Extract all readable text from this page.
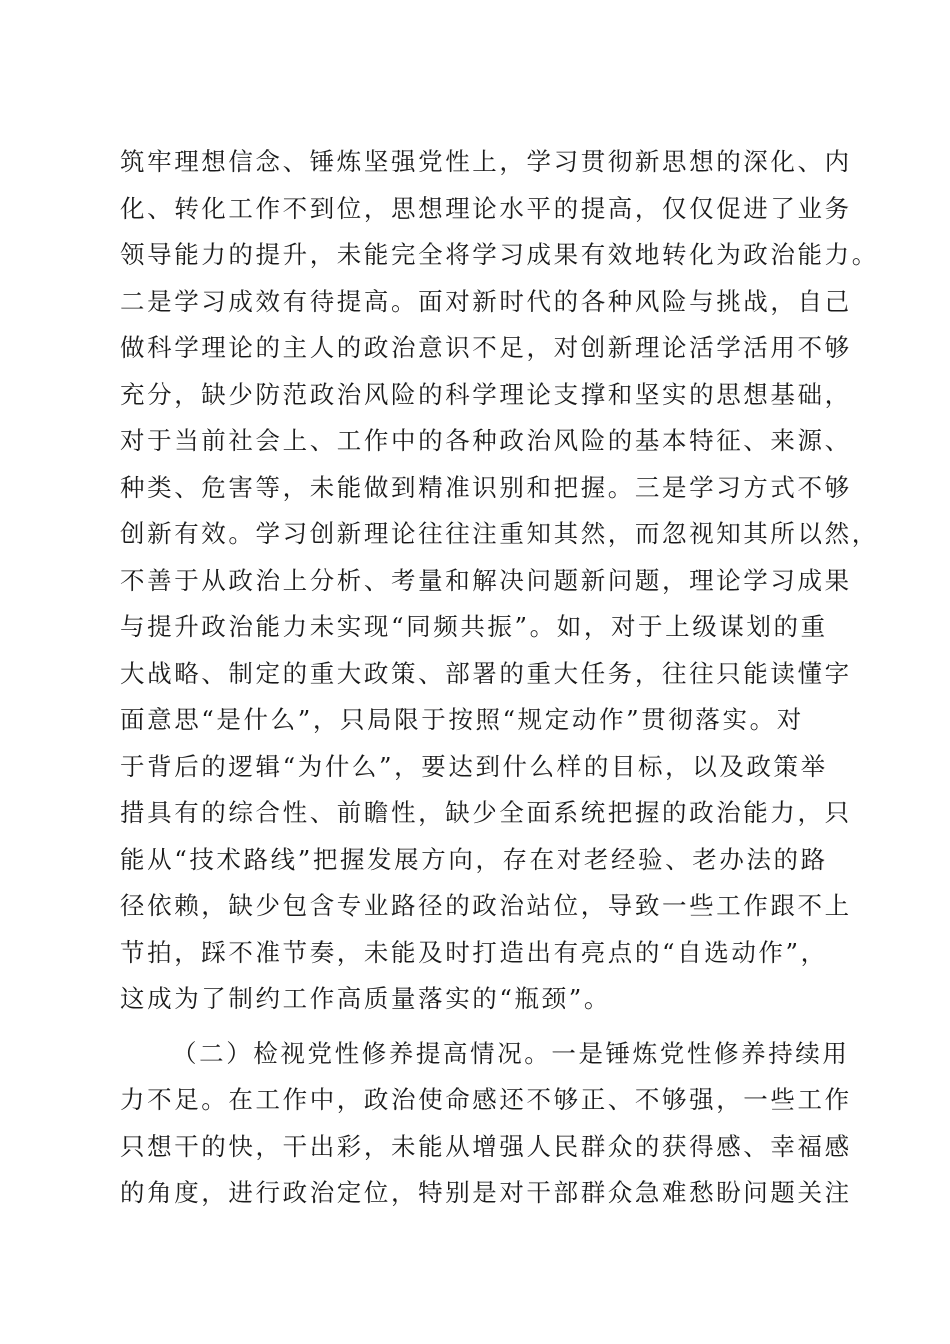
筑牢理想信念、锤炼坚强党性上，学习贯彻新思想的深化、内
化、转化工作不到位，思想理论水平的提高，仅仅促进了业务
领导能力的提升，未能完全将学习成果有效地转化为政治能力。
二是学习成效有待提高。面对新时代的各种风险与挑战，自己
做科学理论的主人的政治意识不足，对创新理论活学活用不够
充分，缺少防范政治风险的科学理论支撑和坚实的思想基础，
对于当前社会上、工作中的各种政治风险的基本特征、来源、
种类、危害等，未能做到精准识别和把握。三是学习方式不够
创新有效。学习创新理论往往注重知其然，而忽视知其所以然，
不善于从政治上分析、考量和解决问题新问题，理论学习成果
与提升政治能力未实现“同频共振”。如，对于上级谋划的重
大战略、制定的重大政策、部署的重大任务，往往只能读懂字
面意思“是什么”，只局限于按照“规定动作”贯彻落实。对
于背后的逻辑“为什么”，要达到什么样的目标，以及政策举
措具有的综合性、前瞻性，缺少全面系统把握的政治能力，只
能从“技术路线”把握发展方向，存在对老经验、老办法的路
径依赖，缺少包含专业路径的政治站位，导致一些工作跟不上
节拍，踩不准节奏，未能及时打造出有亮点的“自选动作”，
这成为了制约工作高质量落实的“瓶颈”。
（二）检视党性修养提高情况。一是锤炼党性修养持续用
力不足。在工作中，政治使命感还不够正、不够强，一些工作
只想干的快，干出彩，未能从增强人民群众的获得感、幸福感
的角度，进行政治定位，特别是对干部群众急难愁盼问题关注
